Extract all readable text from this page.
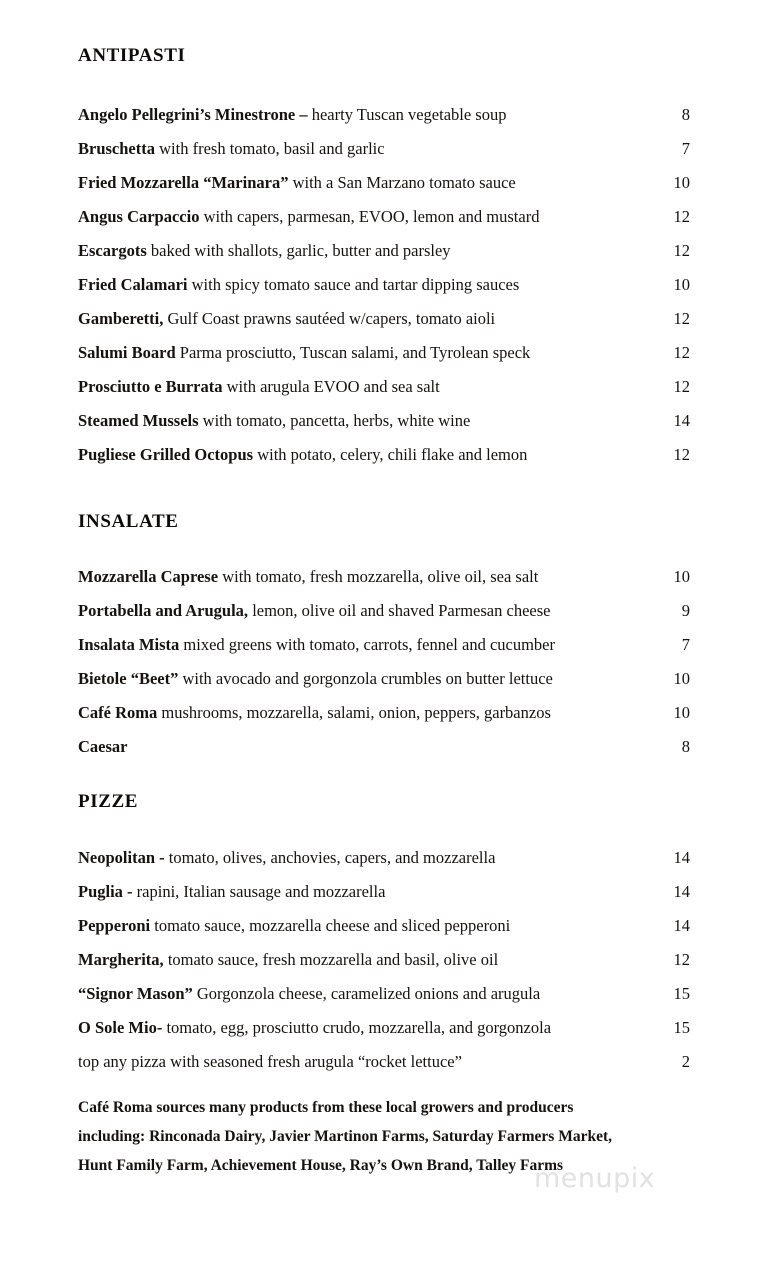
ANTIPASTI
Angelo Pellegrini’s Minestrone – hearty Tuscan vegetable soup	8
Bruschetta with fresh tomato, basil and garlic	7
Fried Mozzarella “Marinara” with a San Marzano tomato sauce	10
Angus Carpaccio with capers, parmesan, EVOO, lemon and mustard	12
Escargots baked with shallots, garlic, butter and parsley	12
Fried Calamari with spicy tomato sauce and tartar dipping sauces	10
Gamberetti, Gulf Coast prawns sautéed w/capers, tomato aioli	12
Salumi Board Parma prosciutto, Tuscan salami, and Tyrolean speck	12
Prosciutto e Burrata with arugula EVOO and sea salt	12
Steamed Mussels with tomato, pancetta, herbs, white wine	14
Pugliese Grilled Octopus with potato, celery, chili flake and lemon	12
INSALATE
Mozzarella Caprese with tomato, fresh mozzarella, olive oil, sea salt	10
Portabella and Arugula, lemon, olive oil and shaved Parmesan cheese	9
Insalata Mista mixed greens with tomato, carrots, fennel and cucumber	7
Bietole “Beet” with avocado and gorgonzola crumbles on butter lettuce	10
Café Roma mushrooms, mozzarella, salami, onion, peppers, garbanzos	10
Caesar	8
PIZZE
Neopolitan - tomato, olives, anchovies, capers, and mozzarella	14
Puglia - rapini, Italian sausage and mozzarella	14
Pepperoni tomato sauce, mozzarella cheese and sliced pepperoni	14
Margherita, tomato sauce, fresh mozzarella and basil, olive oil	12
“Signor Mason” Gorgonzola cheese, caramelized onions and arugula	15
O Sole Mio- tomato, egg, prosciutto crudo, mozzarella, and gorgonzola	15
top any pizza with seasoned fresh arugula “rocket lettuce”	2

Café Roma sources many products from these local growers and producers

including: Rinconada Dairy, Javier Martinon Farms, Saturday Farmers Market,

Hunt Family Farm, Achievement House, Ray’s Own Brand, Talley Farms

menupix
